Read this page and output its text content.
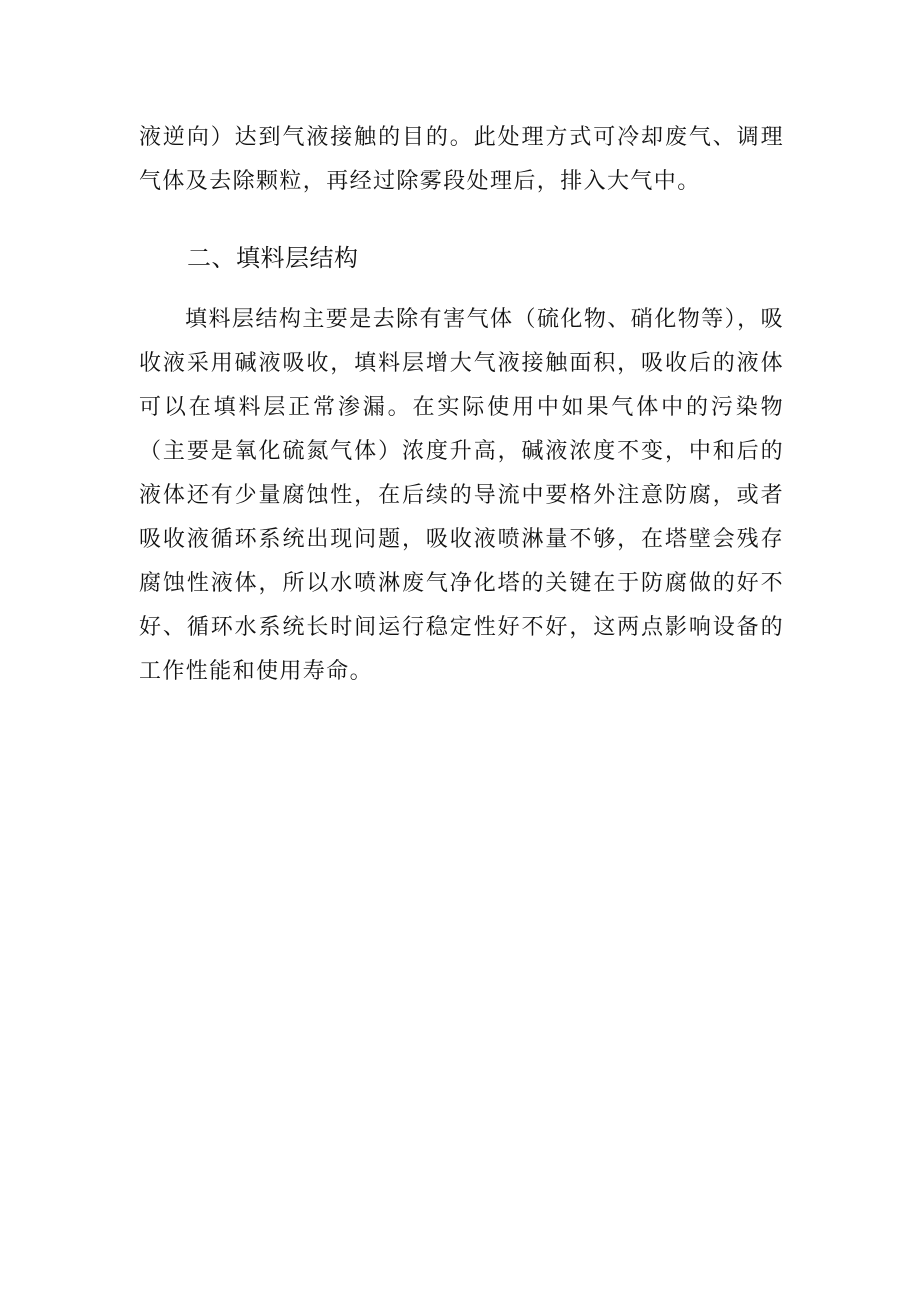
液逆向）达到气液接触的目的。此处理方式可冷却废气、调理气体及去除颗粒，再经过除雾段处理后，排入大气中。

二、填料层结构

填料层结构主要是去除有害气体（硫化物、硝化物等），吸收液采用碱液吸收，填料层增大气液接触面积，吸收后的液体可以在填料层正常渗漏。在实际使用中如果气体中的污染物（主要是氧化硫氮气体）浓度升高，碱液浓度不变，中和后的液体还有少量腐蚀性，在后续的导流中要格外注意防腐，或者吸收液循环系统出现问题，吸收液喷淋量不够，在塔壁会残存腐蚀性液体，所以水喷淋废气净化塔的关键在于防腐做的好不好、循环水系统长时间运行稳定性好不好，这两点影响设备的工作性能和使用寿命。
